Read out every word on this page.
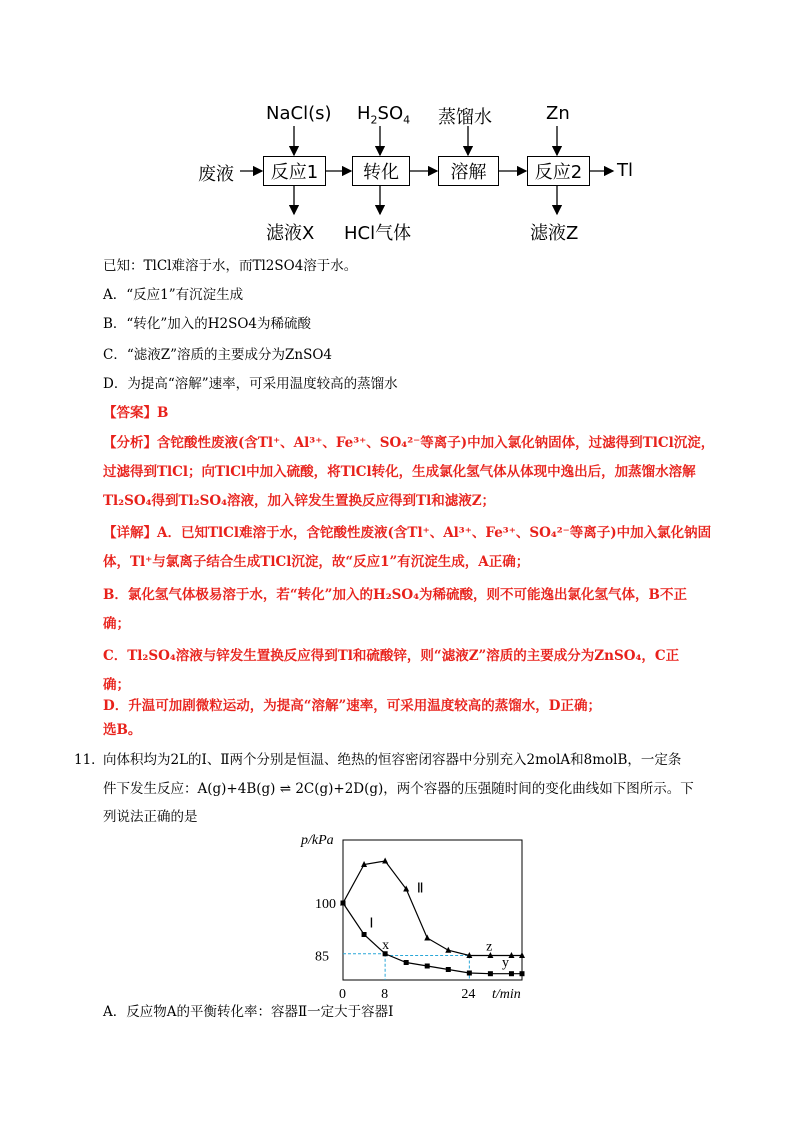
NaCl(s) $H_2SO_4$ 蒸馏水	Zn
废液	反应1	转化	溶解	反应2	Tl
滤液X HCl气体	滤液Z
已知：TlCl难溶于水，而Tl2SO4溶于水。
A．“反应1”有沉淀生成
B．“转化”加入的H2SO4为稀硫酸
C．“滤液Z”溶质的主要成分为ZnSO4
D．为提高“溶解”速率，可采用温度较高的蒸馏水
【答案】B
【分析】含铊酸性废液(含Tl⁺、Al³⁺、Fe³⁺、SO₄²⁻等离子)中加入氯化钠固体，过滤得到TlCl沉淀，
过滤得到TlCl；向TlCl中加入硫酸，将TlCl转化，生成氯化氢气体从体现中逸出后，加蒸馏水溶解
Tl₂SO₄得到Tl₂SO₄溶液，加入锌发生置换反应得到Tl和滤液Z；
【详解】A．已知TlCl难溶于水，含铊酸性废液(含Tl⁺、Al³⁺、Fe³⁺、SO₄²⁻等离子)中加入氯化钠固
体，Tl⁺与氯离子结合生成TlCl沉淀，故“反应1”有沉淀生成，A正确；
B．氯化氢气体极易溶于水，若“转化”加入的H₂SO₄为稀硫酸，则不可能逸出氯化氢气体，B不正
确；
C．Tl₂SO₄溶液与锌发生置换反应得到Tl和硫酸锌，则“滤液Z”溶质的主要成分为ZnSO₄，C正
确；
D．升温可加剧微粒运动，为提高“溶解”速率，可采用温度较高的蒸馏水，D正确；
选B。
11．
向体积均为2L的Ⅰ、Ⅱ两个分别是恒温、绝热的恒容密闭容器中分别充入2molA和8molB，一定条
件下发生反应：A(g)+4B(g) ⇌ 2C(g)+2D(g)，两个容器的压强随时间的变化曲线如下图所示。下
列说法正确的是
p/kPa
t/min
0	8	24
85
100
Ⅰ
Ⅱ
x
y
z
A．反应物A的平衡转化率：容器Ⅱ一定大于容器Ⅰ
